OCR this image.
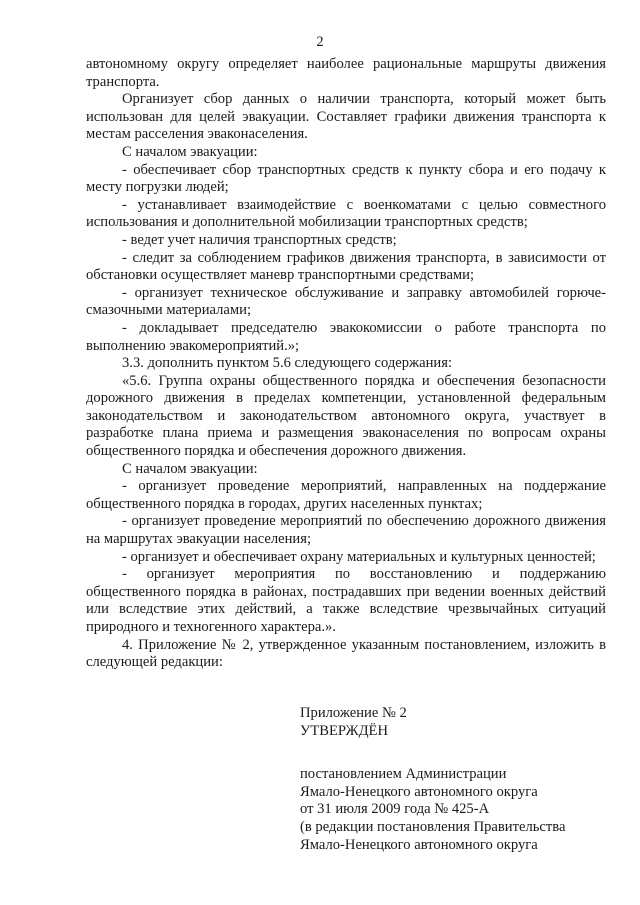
2

автономному округу определяет наиболее рациональные маршруты движения транспорта.

Организует сбор данных о наличии транспорта, который может быть использован для целей эвакуации. Составляет графики движения транспорта к местам расселения эваконаселения.

С началом эвакуации:

- обеспечивает сбор транспортных средств к пункту сбора и его подачу к месту погрузки людей;

- устанавливает взаимодействие с военкоматами с целью совместного использования и дополнительной мобилизации транспортных средств;

- ведет учет наличия транспортных средств;

- следит за соблюдением графиков движения транспорта, в зависимости от обстановки осуществляет маневр транспортными средствами;

- организует техническое обслуживание и заправку автомобилей горюче-смазочными материалами;

- докладывает председателю эвакокомиссии о работе транспорта по выполнению эвакомероприятий.»;

3.3. дополнить пунктом 5.6 следующего содержания:

«5.6. Группа охраны общественного порядка и обеспечения безопасности дорожного движения в пределах компетенции, установленной федеральным законодательством и законодательством автономного округа, участвует в разработке плана приема и размещения эваконаселения по вопросам охраны общественного порядка и обеспечения дорожного движения.

С началом эвакуации:

- организует проведение мероприятий, направленных на поддержание общественного порядка в городах, других населенных пунктах;

- организует проведение мероприятий по обеспечению дорожного движения на маршрутах эвакуации населения;

- организует и обеспечивает охрану материальных и культурных ценностей;

- организует мероприятия по восстановлению и поддержанию общественного порядка в районах, пострадавших при ведении военных действий или вследствие этих действий, а также вследствие чрезвычайных ситуаций природного и техногенного характера.».

4. Приложение № 2, утвержденное указанным постановлением, изложить в следующей редакции:

Приложение № 2

УТВЕРЖДЁН

постановлением Администрации

Ямало-Ненецкого автономного округа

от 31 июля 2009 года № 425-А

(в редакции постановления Правительства

Ямало-Ненецкого автономного округа
